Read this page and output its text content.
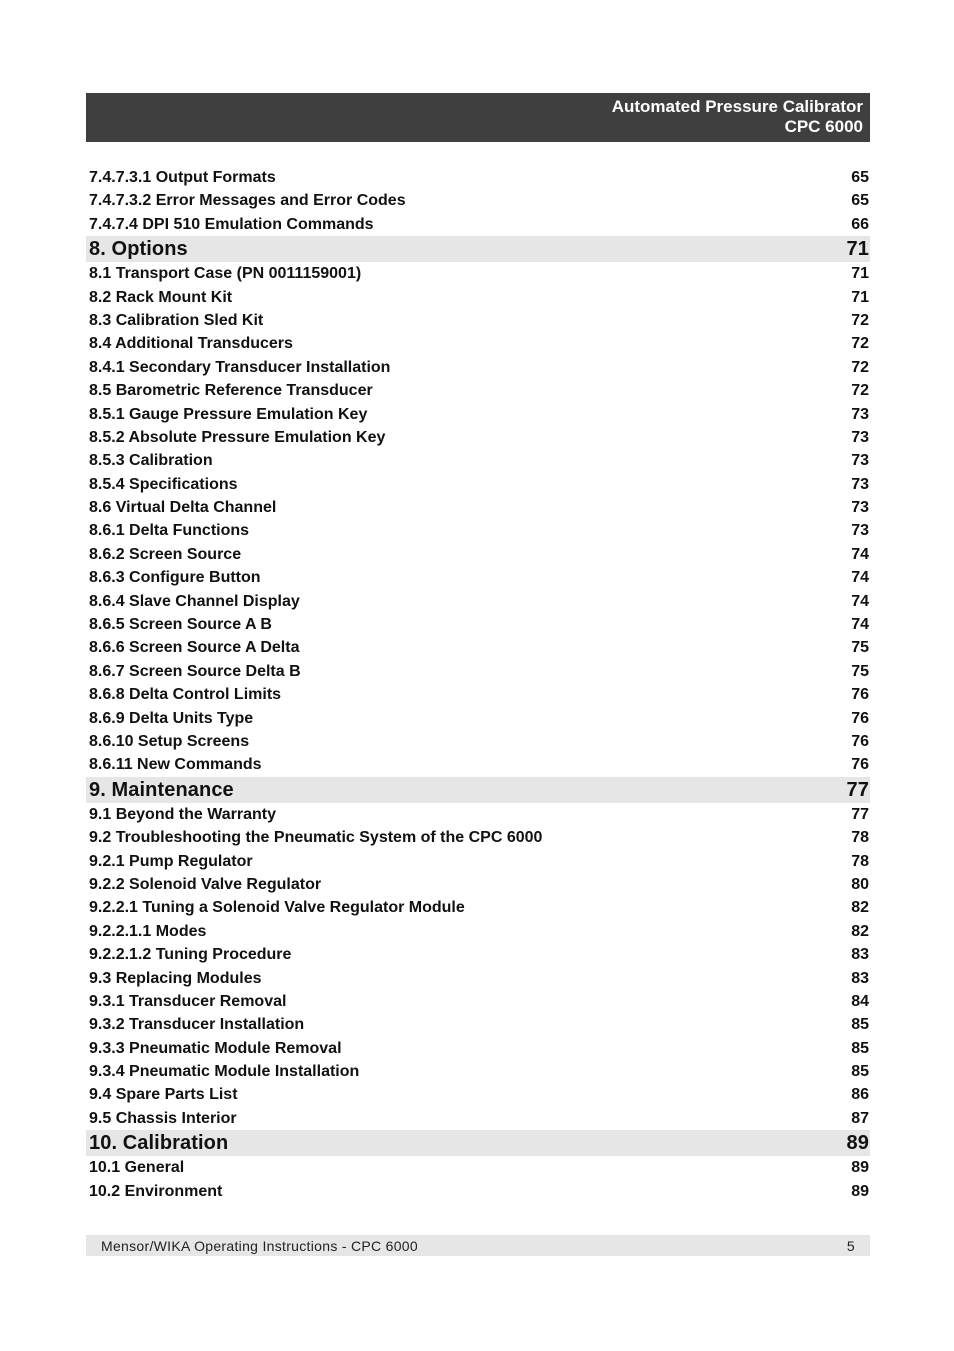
Automated Pressure Calibrator
CPC 6000
7.4.7.3.1 Output Formats	65
7.4.7.3.2 Error Messages and Error Codes	65
7.4.7.4 DPI 510 Emulation Commands	66
8. Options	71
8.1 Transport Case (PN 0011159001)	71
8.2 Rack Mount Kit	71
8.3 Calibration Sled Kit	72
8.4 Additional Transducers	72
8.4.1 Secondary Transducer Installation	72
8.5 Barometric Reference Transducer	72
8.5.1 Gauge Pressure Emulation Key	73
8.5.2 Absolute Pressure Emulation Key	73
8.5.3 Calibration	73
8.5.4 Specifications	73
8.6 Virtual Delta Channel	73
8.6.1 Delta Functions	73
8.6.2 Screen Source	74
8.6.3 Configure Button	74
8.6.4 Slave Channel Display	74
8.6.5 Screen Source A B	74
8.6.6 Screen Source A Delta	75
8.6.7 Screen Source Delta B	75
8.6.8 Delta Control Limits	76
8.6.9 Delta Units Type	76
8.6.10 Setup Screens	76
8.6.11 New Commands	76
9. Maintenance	77
9.1 Beyond the Warranty	77
9.2 Troubleshooting the Pneumatic System of the CPC 6000	78
9.2.1 Pump Regulator	78
9.2.2 Solenoid Valve Regulator	80
9.2.2.1 Tuning a Solenoid Valve Regulator Module	82
9.2.2.1.1 Modes	82
9.2.2.1.2 Tuning Procedure	83
9.3 Replacing Modules	83
9.3.1 Transducer Removal	84
9.3.2 Transducer Installation	85
9.3.3 Pneumatic Module Removal	85
9.3.4 Pneumatic Module Installation	85
9.4 Spare Parts List	86
9.5 Chassis Interior	87
10. Calibration	89
10.1 General	89
10.2 Environment	89
Mensor/WIKA Operating Instructions - CPC 6000	5
